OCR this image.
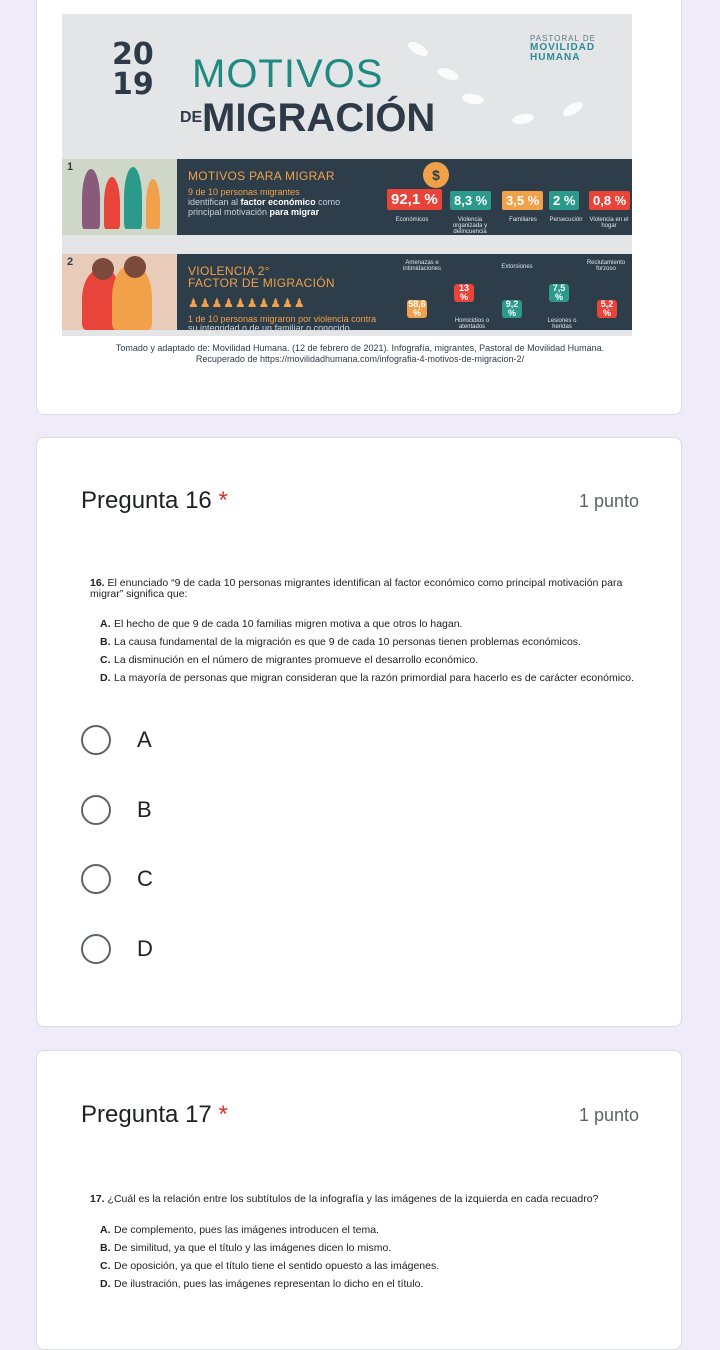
20
19 MOTIVOS
DE MIGRACIÓN
PASTORAL DE
MOVILIDAD
HUMANA
1
MOTIVOS PARA MIGRAR
9 de 10 personas migrantes
identifican al factor económico como
principal motivación para migrar
92,1 %
Económicos
8,3 %
Violencia organizada y delincuencia
3,5 %
Familiares
2 %
Persecución
0,8 %
Violencia en el hogar
$
2
VIOLENCIA 2°
FACTOR DE MIGRACIÓN
1 de 10 personas migraron por violencia contra
su integridad o de un familiar o conocido.
Amenazas e intimidaciones
13 %
58,6 %
Homicidios o atentados
Extorsiones
9,2 %
7,5 %
Lesiones o heridas
Reclutamiento forzoso
5,2 %
♟♟♟♟♟♟♟♟♟♟
Tomado y adaptado de: Movilidad Humana. (12 de febrero de 2021). Infografía, migrantes, Pastoral de Movilidad Humana.
Recuperado de https://movilidadhumana.com/infografia-4-motivos-de-migracion-2/
Pregunta 16 *	1 punto
16. El enunciado “9 de cada 10 personas migrantes identifican al factor económico como principal motivación para migrar” significa que:
A. El hecho de que 9 de cada 10 familias migren motiva a que otros lo hagan.
B. La causa fundamental de la migración es que 9 de cada 10 personas tienen problemas económicos.
C. La disminución en el número de migrantes promueve el desarrollo económico.
D. La mayoría de personas que migran consideran que la razón primordial para hacerlo es de carácter económico.
A
B
C
D
Pregunta 17 *	1 punto
17. ¿Cuál es la relación entre los subtítulos de la infografía y las imágenes de la izquierda en cada recuadro?
A. De complemento, pues las imágenes introducen el tema.
B. De similitud, ya que el título y las imágenes dicen lo mismo.
C. De oposición, ya que el título tiene el sentido opuesto a las imágenes.
D. De ilustración, pues las imágenes representan lo dicho en el título.
